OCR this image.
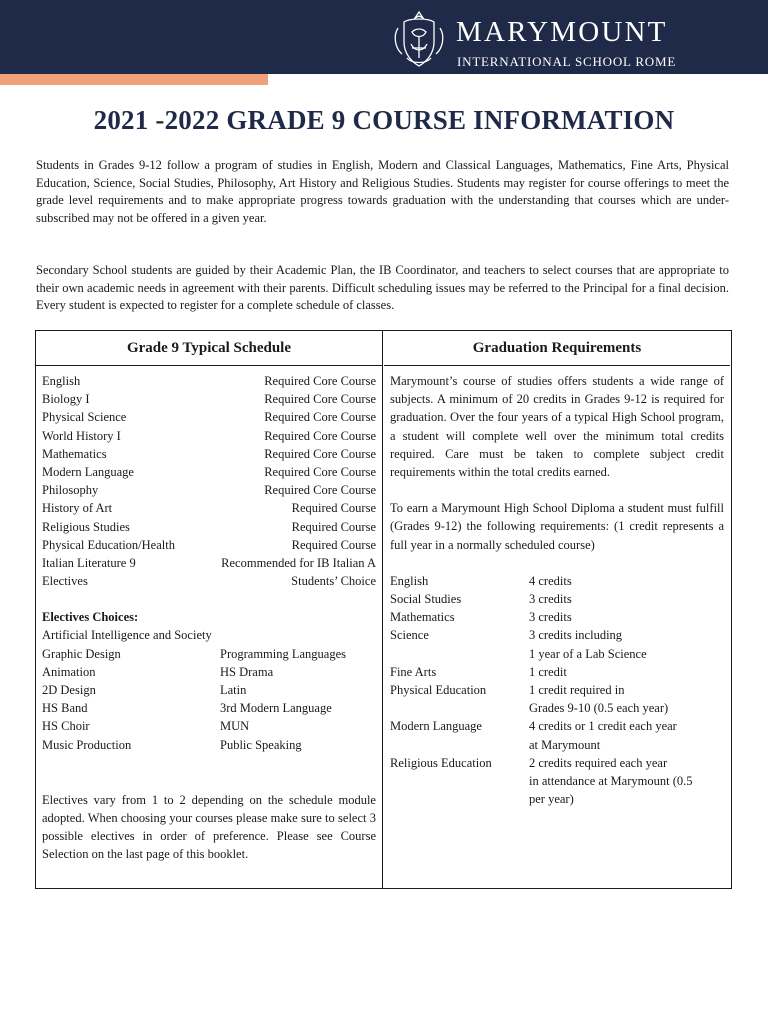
MARYMOUNT
INTERNATIONAL SCHOOL ROME
2021 -2022 GRADE 9 COURSE INFORMATION

Students in Grades 9-12 follow a program of studies in English, Modern and Classical Languages, Mathematics, Fine Arts, Physical Education, Science, Social Studies, Philosophy, Art History and Religious Studies. Students may register for course offerings to meet the grade level requirements and to make appropriate progress towards graduation with the understanding that courses which are under-subscribed may not be offered in a given year.

Secondary School students are guided by their Academic Plan, the IB Coordinator, and teachers to select courses that are appropriate to their own academic needs in agreement with their parents. Difficult scheduling issues may be referred to the Principal for a final decision. Every student is expected to register for a complete schedule of classes.

Grade 9 Typical Schedule
English	Required Core Course
Biology I	Required Core Course
Physical Science	Required Core Course
World History I	Required Core Course
Mathematics	Required Core Course
Modern Language	Required Core Course
Philosophy	Required Core Course
History of Art	Required Course
Religious Studies	Required Course
Physical Education/Health	Required Course
Italian Literature 9	Recommended for IB Italian A
Electives	Students’ Choice
Electives Choices:
Artificial Intelligence and Society
Graphic Design	Programming Languages
Animation	HS Drama
2D Design	Latin
HS Band	3rd Modern Language
HS Choir	MUN
Music Production	Public Speaking

Electives vary from 1 to 2 depending on the schedule module adopted. When choosing your courses please make sure to select 3 possible electives in order of preference. Please see Course Selection on the last page of this booklet.

Graduation Requirements

Marymount’s course of studies offers students a wide range of subjects. A minimum of 20 credits in Grades 9-12 is required for graduation. Over the four years of a typical High School program, a student will complete well over the minimum total credits required. Care must be taken to complete subject credit requirements within the total credits earned.

To earn a Marymount High School Diploma a student must fulfill (Grades 9-12) the following requirements: (1 credit represents a full year in a normally scheduled course)

English	4 credits
Social Studies	3 credits
Mathematics	3 credits
Science	3 credits including
1 year of a Lab Science
Fine Arts	1 credit
Physical Education	1 credit required in
Grades 9-10 (0.5 each year)
Modern Language	4 credits or 1 credit each year
at Marymount
Religious Education	2 credits required each year
in attendance at Marymount (0.5
per year)
